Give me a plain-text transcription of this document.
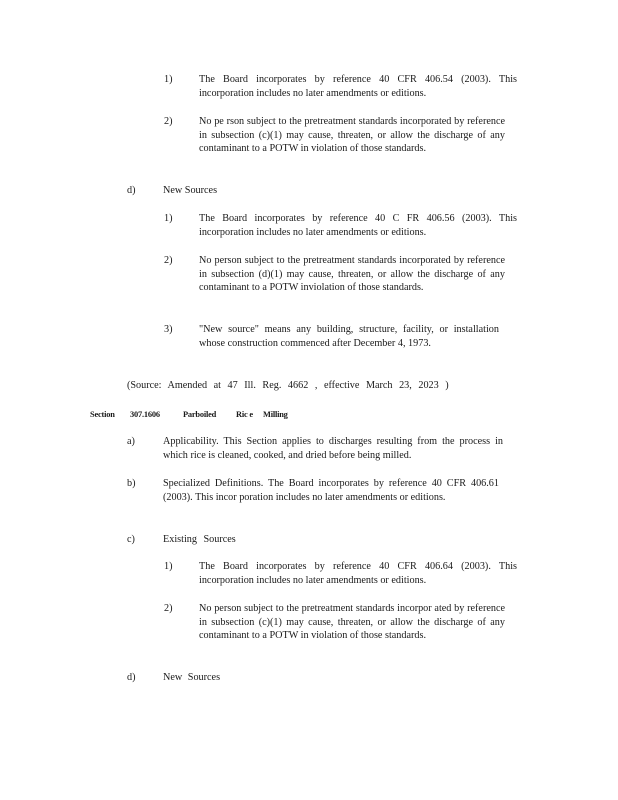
1)	The Board incorporates by reference 40 CFR 406.54 (2003). This incorporation includes no later amendments or editions.
2)	No pe rson subject to the pretreatment standards incorporated by reference in subsection (c)(1) may cause, threaten, or allow the discharge of any contaminant to a POTW in violation of those standards.
d)	New Sources
1)	The Board incorporates by reference 40 C FR 406.56 (2003). This incorporation includes no later amendments or editions.
2)	No person subject to the pretreatment standards incorporated by reference in subsection (d)(1) may cause, threaten, or allow the discharge of any contaminant to a POTW inviolation of those standards.
3)	"New source" means any building, structure, facility, or installation whose construction commenced after December 4, 1973.
(Source: Amended at 47 Ill. Reg. 4662 , effective March 23, 2023 )
Section 307.1606	Parboiled Ric e Milling
a)	Applicability. This Section applies to discharges resulting from the process in which rice is cleaned, cooked, and dried before being milled.
b)	Specialized Definitions. The Board incorporates by reference 40 CFR 406.61 (2003). This incor poration includes no later amendments or editions.
c)	Existing Sources
1)	The Board incorporates by reference 40 CFR 406.64 (2003). This incorporation includes no later amendments or editions.
2)	No person subject to the pretreatment standards incorpor ated by reference in subsection (c)(1) may cause, threaten, or allow the discharge of any contaminant to a POTW in violation of those standards.
d)	New Sources
